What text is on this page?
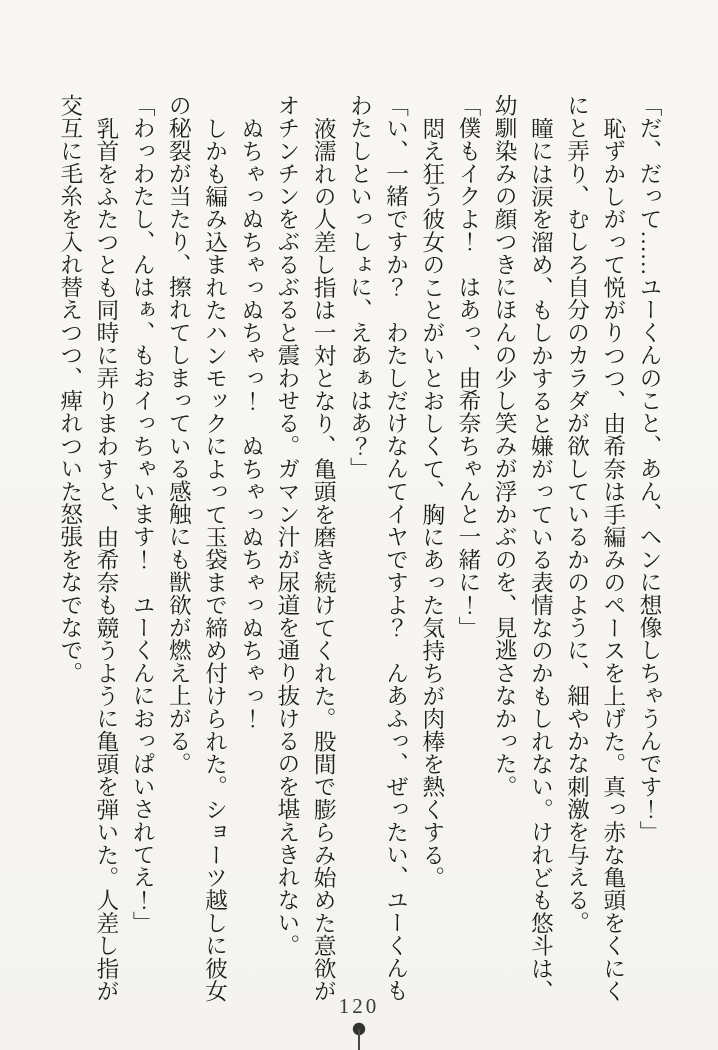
「だ、だって……ユーくんのこと、あん、ヘンに想像しちゃうんです！」

恥ずかしがって悦がりつつ、由希奈は手編みのペースを上げた。真っ赤な亀頭をくにく

にと弄り、むしろ自分のカラダが欲しているかのように、細やかな刺激を与える。

瞳には涙を溜め、もしかすると嫌がっている表情なのかもしれない。けれども悠斗は、

幼馴染みの顔つきにほんの少し笑みが浮かぶのを、見逃さなかった。

「僕もイクよ！　はあっ、由希奈ちゃんと一緒に！」

悶え狂う彼女のことがいとおしくて、胸にあった気持ちが肉棒を熱くする。

「い、一緒ですか？　わたしだけなんてイヤですよ？　んあふっ、ぜったい、ユーくんも

わたしといっしょに、えあぁはあ？」

液濡れの人差し指は一対となり、亀頭を磨き続けてくれた。股間で膨らみ始めた意欲が

オチンチンをぶるぶると震わせる。ガマン汁が尿道を通り抜けるのを堪えきれない。

ぬちゃっぬちゃっぬちゃっ！　ぬちゃっぬちゃっぬちゃっ！

しかも編み込まれたハンモックによって玉袋まで締め付けられた。ショーツ越しに彼女

の秘裂が当たり、擦れてしまっている感触にも獣欲が燃え上がる。

「わっわたし、んはぁ、もおイっちゃいます！　ユーくんにおっぱいされてえ！」

乳首をふたつとも同時に弄りまわすと、由希奈も競うように亀頭を弾いた。人差し指が

交互に毛糸を入れ替えつつ、痺れついた怒張をなでなで。

120
